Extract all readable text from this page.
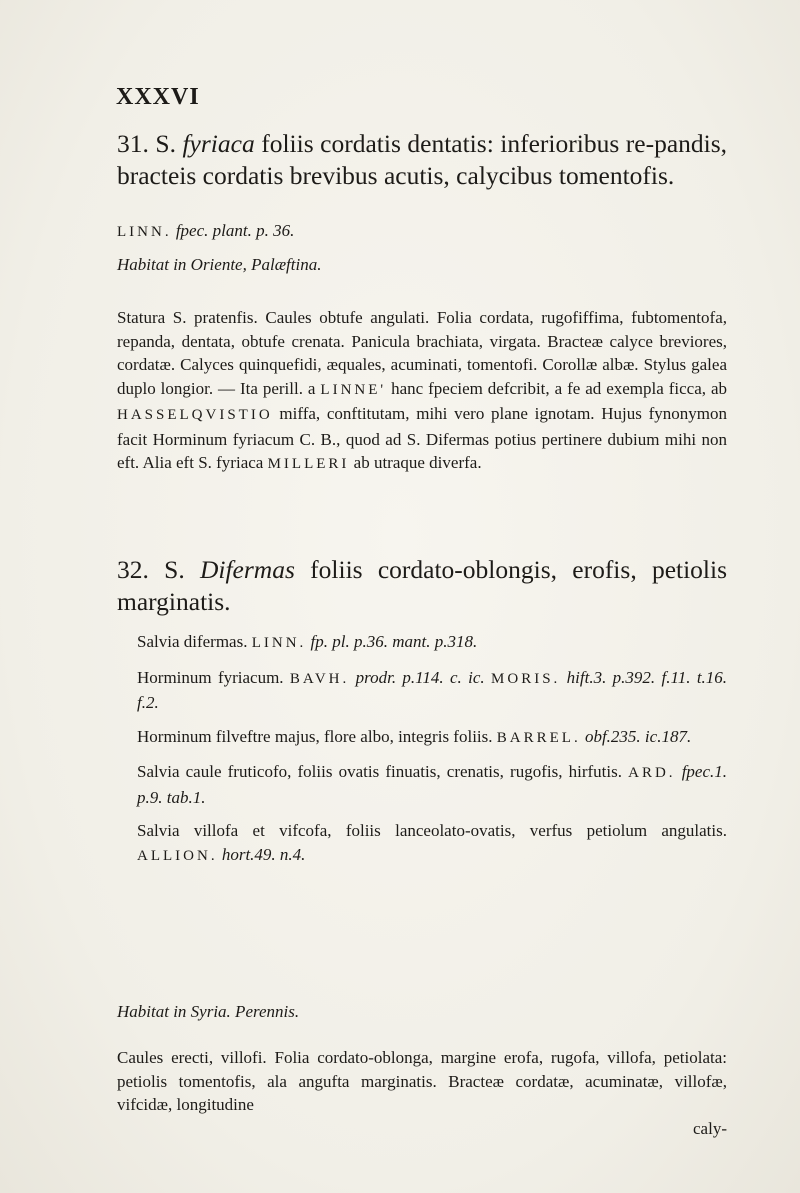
XXXVI
31. S. fyriaca foliis cordatis dentatis: inferioribus re-pandis, bracteis cordatis brevibus acutis, calycibus tomentofis.
LINN. fpec. plant. p. 36.
Habitat in Oriente, Palæftina.
Statura S. pratenfis. Caules obtufe angulati. Folia cordata, rugofiffima, fubtomentofa, repanda, dentata, obtufe crenata. Panicula brachiata, virgata. Bracteæ calyce breviores, cordatæ. Calyces quinquefidi, æquales, acuminati, tomentofi. Corollæ albæ. Stylus galea duplo longior. — Ita perill. a LINNE' hanc fpeciem defcribit, a fe ad exempla ficca, ab HASSELQVISTIO miffa, conftitutam, mihi vero plane ignotam. Hujus fynonymon facit Horminum fyriacum C. B., quod ad S. Difermas potius pertinere dubium mihi non eft. Alia eft S. fyriaca MILLERI ab utraque diverfa.
32. S. Difermas foliis cordato-oblongis, erofis, petiolis marginatis.

Salvia difermas. LINN. fp. pl. p.36. mant. p.318.

Horminum fyriacum. BAVH. prodr. p.114. c. ic. MORIS. hift.3. p.392. f.11. t.16. f.2.

Horminum filveftre majus, flore albo, integris foliis. BARREL. obf.235. ic.187.

Salvia caule fruticofo, foliis ovatis finuatis, crenatis, rugofis, hirfutis. ARD. fpec.1. p.9. tab.1.

Salvia villofa et vifcofa, foliis lanceolato-ovatis, verfus petiolum angulatis. ALLION. hort.49. n.4.

Habitat in Syria. Perennis.
Caules erecti, villofi. Folia cordato-oblonga, margine erofa, rugofa, villofa, petiolata: petiolis tomentofis, ala angufta marginatis. Bracteæ cordatæ, acuminatæ, villofæ, vifcidæ, longitudine
caly-
